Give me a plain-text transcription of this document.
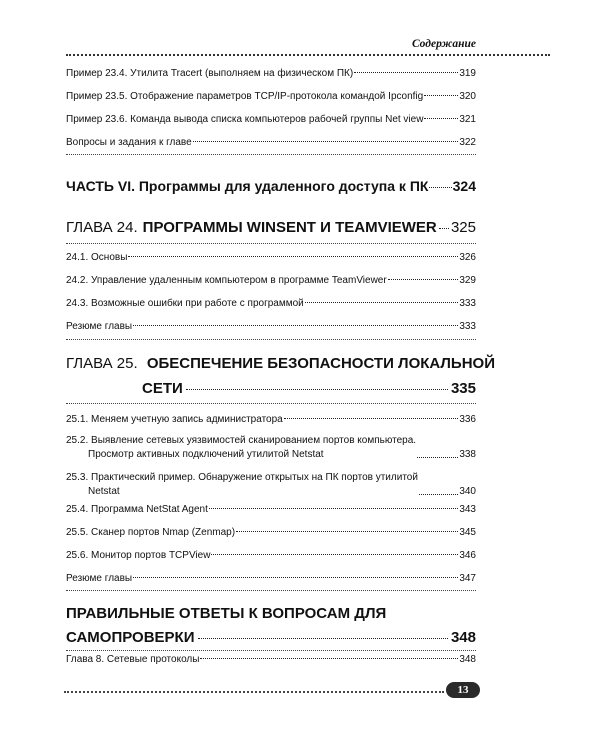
Содержание
Пример 23.4. Утилита Tracert (выполняем на физическом ПК)	319
Пример 23.5. Отображение параметров TCP/IP-протокола командой Ipconfig	320
Пример 23.6. Команда вывода списка компьютеров рабочей группы Net view	321
Вопросы и задания к главе	322
ЧАСТЬ VI. Программы для удаленного доступа к ПК 324
ГЛАВА 24. ПРОГРАММЫ WINSENT И TEAMVIEWER 325
24.1. Основы	326
24.2. Управление удаленным компьютером в программе TeamViewer	329
24.3. Возможные ошибки при работе с программой	333
Резюме главы	333
ГЛАВА 25. ОБЕСПЕЧЕНИЕ БЕЗОПАСНОСТИ ЛОКАЛЬНОЙ
СЕТИ	335
25.1. Меняем учетную запись администратора	336
25.2. Выявление сетевых уязвимостей сканированием портов компьютера.
Просмотр активных подключений утилитой Netstat	338
25.3. Практический пример. Обнаружение открытых на ПК портов утилитой
Netstat	340
25.4. Программа NetStat Agent	343
25.5. Сканер портов Nmap (Zenmap)	345
25.6. Монитор портов TCPView	346
Резюме главы	347
ПРАВИЛЬНЫЕ ОТВЕТЫ К ВОПРОСАМ ДЛЯ
САМОПРОВЕРКИ	348
Глава 8. Сетевые протоколы	348
13
